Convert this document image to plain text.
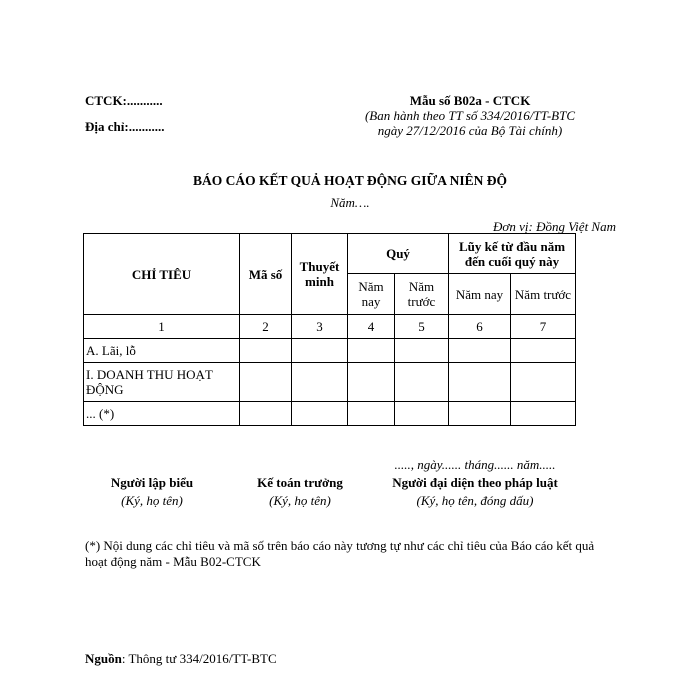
CTCK:...........
Địa chỉ:...........
Mẫu số B02a - CTCK
(Ban hành theo TT số 334/2016/TT-BTC
ngày 27/12/2016 của Bộ Tài chính)
BÁO CÁO KẾT QUẢ HOẠT ĐỘNG GIỮA NIÊN ĐỘ
Năm….
Đơn vị: Đồng Việt Nam
CHỈ TIÊU	Mã số	Thuyết minh	Quý		Lũy kế từ đầu năm đến cuối quý này	
			Năm nay	Năm trước	Năm nay	Năm trước
1	2	3	4	5	6	7
A. Lãi, lỗ						
I. DOANH THU HOẠT ĐỘNG						
... (*)						
Người lập biểu
(Ký, họ tên)
Kế toán trưởng
(Ký, họ tên)
....., ngày...... tháng...... năm.....
Người đại diện theo pháp luật
(Ký, họ tên, đóng dấu)
(*) Nội dung các chỉ tiêu và mã số trên báo cáo này tương tự như các chỉ tiêu của Báo cáo kết quả hoạt động năm - Mẫu B02-CTCK
Nguồn: Thông tư 334/2016/TT-BTC
